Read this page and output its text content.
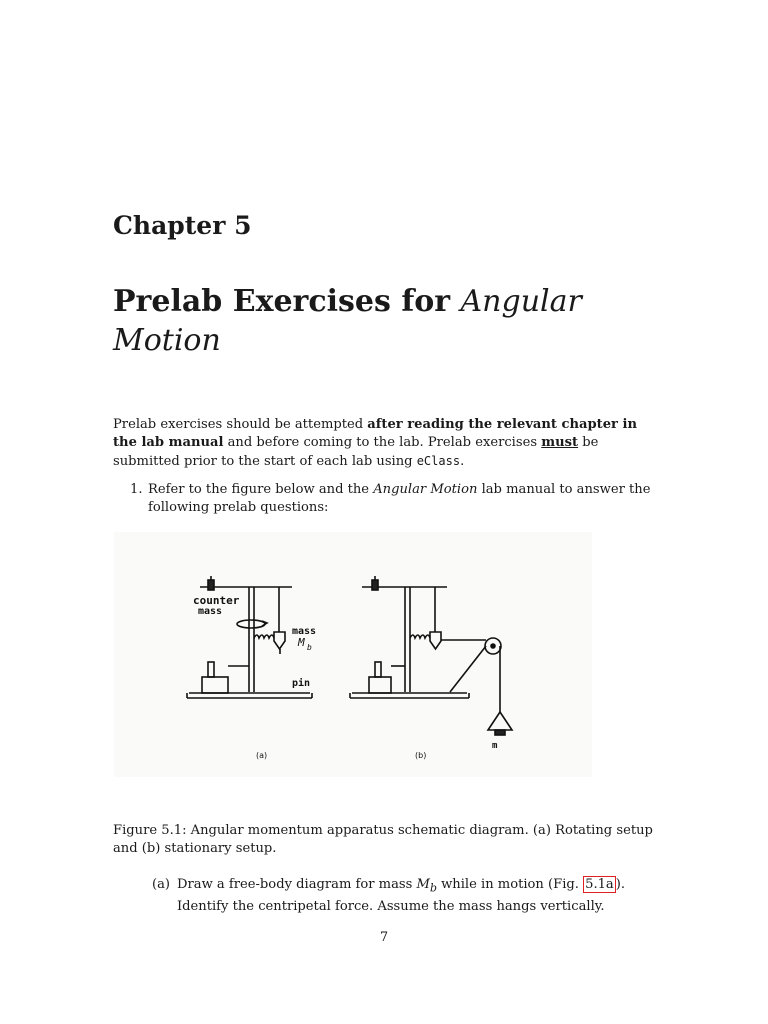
Chapter 5
Prelab Exercises for Angular
Motion
Prelab exercises should be attempted after reading the relevant chapter in the lab manual and before coming to the lab. Prelab exercises must be submitted prior to the start of each lab using eClass.
1. Refer to the figure below and the Angular Motion lab manual to answer the following prelab questions:
counter
mass
mass
M b
pin
m
(a)	(b)
Figure 5.1: Angular momentum apparatus schematic diagram. (a) Rotating setup and (b) stationary setup.
(a) Draw a free-body diagram for mass $M_b$ while in motion (Fig. 5.1a ). Identify the centripetal force. Assume the mass hangs vertically.
7
